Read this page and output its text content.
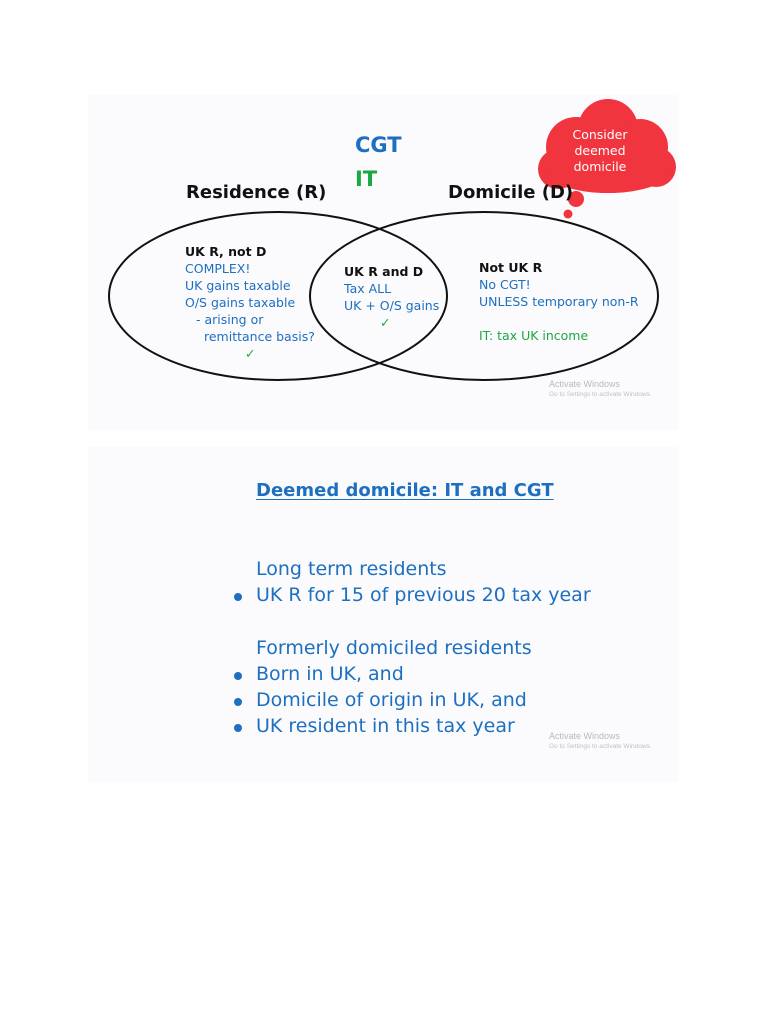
CGT
IT
Residence (R)	Domicile (D)
Consider
deemed
domicile
UK R, not D
COMPLEX!
UK gains taxable
O/S gains taxable
- arising or
remittance basis?
✓
UK R and D
Tax ALL
UK + O/S gains
✓
Not UK R
No CGT!
UNLESS temporary non-R
IT: tax UK income
Activate Windows
Go to Settings to activate Windows.
Deemed domicile: IT and CGT
Long term residents
UK R for 15 of previous 20 tax year
Formerly domiciled residents
Born in UK, and
Domicile of origin in UK, and
UK resident in this tax year	Activate Windows
Go to Settings to activate Windows.
